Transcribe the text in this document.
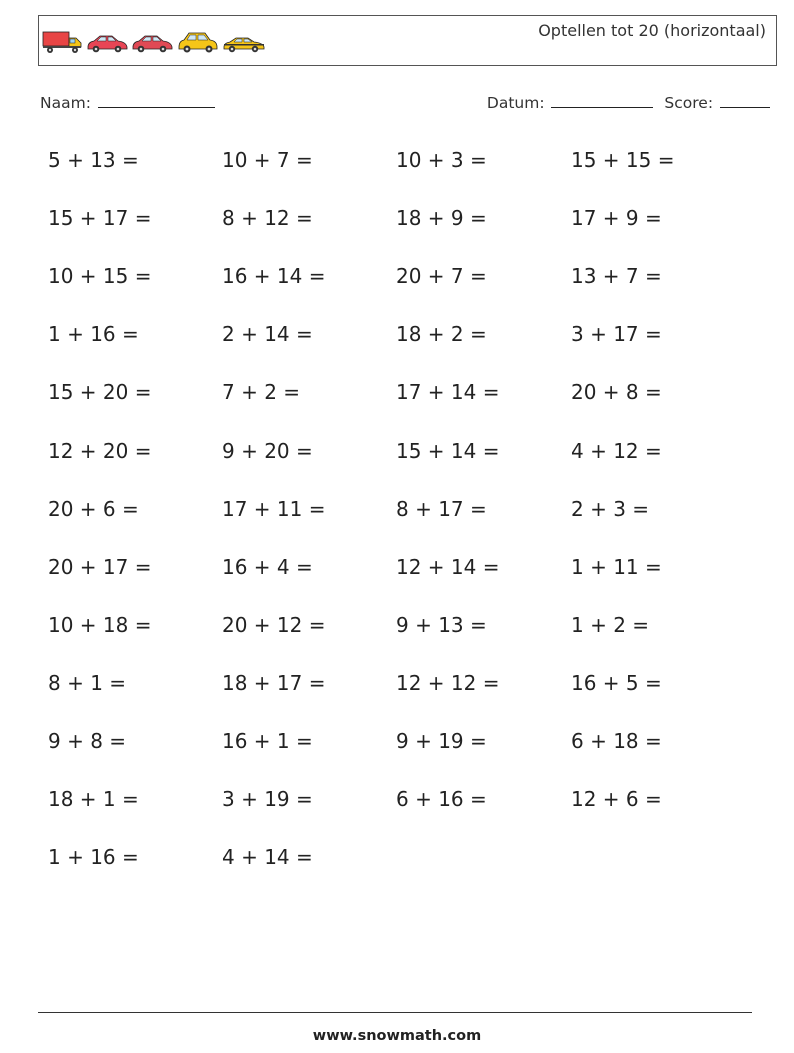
Optellen tot 20 (horizontaal)
Naam:	Datum:	Score:
5 + 13 =	10 + 7 =	10 + 3 =	15 + 15 =
15 + 17 =	8 + 12 =	18 + 9 =	17 + 9 =
10 + 15 =	16 + 14 =	20 + 7 =	13 + 7 =
1 + 16 =	2 + 14 =	18 + 2 =	3 + 17 =
15 + 20 =	7 + 2 =	17 + 14 =	20 + 8 =
12 + 20 =	9 + 20 =	15 + 14 =	4 + 12 =
20 + 6 =	17 + 11 =	8 + 17 =	2 + 3 =
20 + 17 =	16 + 4 =	12 + 14 =	1 + 11 =
10 + 18 =	20 + 12 =	9 + 13 =	1 + 2 =
8 + 1 =	18 + 17 =	12 + 12 =	16 + 5 =
9 + 8 =	16 + 1 =	9 + 19 =	6 + 18 =
18 + 1 =	3 + 19 =	6 + 16 =	12 + 6 =
1 + 16 =	4 + 14 =
www.snowmath.com
